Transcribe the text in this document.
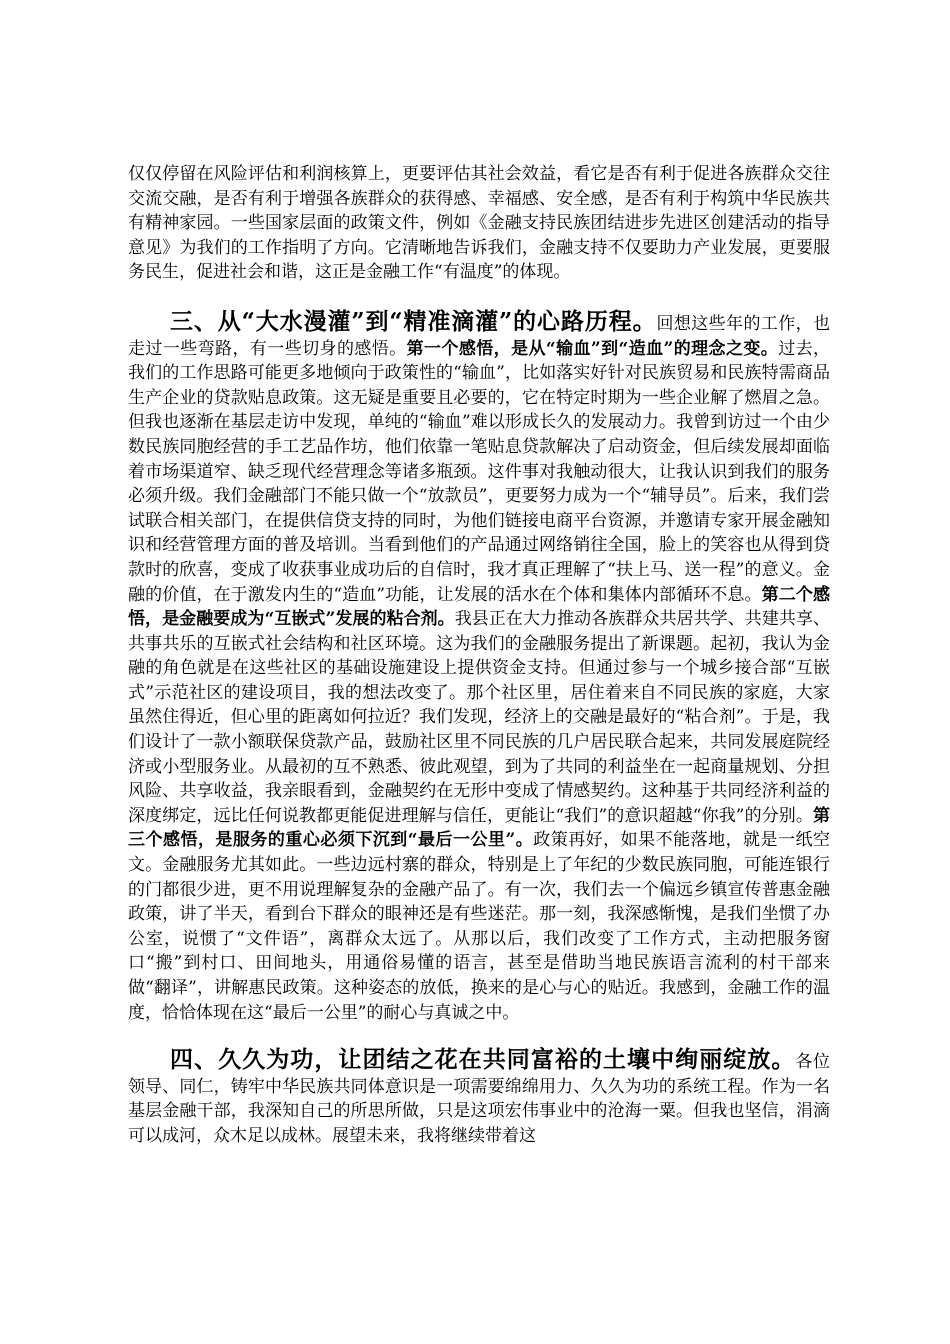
仅仅停留在风险评估和利润核算上，更要评估其社会效益，看它是否有利于促进各族群众交往交流交融，是否有利于增强各族群众的获得感、幸福感、安全感，是否有利于构筑中华民族共有精神家园。一些国家层面的政策文件，例如《金融支持民族团结进步先进区创建活动的指导意见》为我们的工作指明了方向。它清晰地告诉我们，金融支持不仅要助力产业发展，更要服务民生，促进社会和谐，这正是金融工作“有温度”的体现。

三、从“大水漫灌”到“精准滴灌”的心路历程。回想这些年的工作，也走过一些弯路，有一些切身的感悟。第一个感悟，是从“输血”到“造血”的理念之变。过去，我们的工作思路可能更多地倾向于政策性的“输血”，比如落实好针对民族贸易和民族特需商品生产企业的贷款贴息政策。这无疑是重要且必要的，它在特定时期为一些企业解了燃眉之急。但我也逐渐在基层走访中发现，单纯的“输血”难以形成长久的发展动力。我曾到访过一个由少数民族同胞经营的手工艺品作坊，他们依靠一笔贴息贷款解决了启动资金，但后续发展却面临着市场渠道窄、缺乏现代经营理念等诸多瓶颈。这件事对我触动很大，让我认识到我们的服务必须升级。我们金融部门不能只做一个“放款员”，更要努力成为一个“辅导员”。后来，我们尝试联合相关部门，在提供信贷支持的同时，为他们链接电商平台资源，并邀请专家开展金融知识和经营管理方面的普及培训。当看到他们的产品通过网络销往全国，脸上的笑容也从得到贷款时的欣喜，变成了收获事业成功后的自信时，我才真正理解了“扶上马、送一程”的意义。金融的价值，在于激发内生的“造血”功能，让发展的活水在个体和集体内部循环不息。第二个感悟，是金融要成为“互嵌式”发展的粘合剂。我县正在大力推动各族群众共居共学、共建共享、共事共乐的互嵌式社会结构和社区环境。这为我们的金融服务提出了新课题。起初，我认为金融的角色就是在这些社区的基础设施建设上提供资金支持。但通过参与一个城乡接合部“互嵌式”示范社区的建设项目，我的想法改变了。那个社区里，居住着来自不同民族的家庭，大家虽然住得近，但心里的距离如何拉近？我们发现，经济上的交融是最好的“粘合剂”。于是，我们设计了一款小额联保贷款产品，鼓励社区里不同民族的几户居民联合起来，共同发展庭院经济或小型服务业。从最初的互不熟悉、彼此观望，到为了共同的利益坐在一起商量规划、分担风险、共享收益，我亲眼看到，金融契约在无形中变成了情感契约。这种基于共同经济利益的深度绑定，远比任何说教都更能促进理解与信任，更能让“我们”的意识超越“你我”的分别。第三个感悟，是服务的重心必须下沉到“最后一公里”。政策再好，如果不能落地，就是一纸空文。金融服务尤其如此。一些边远村寨的群众，特别是上了年纪的少数民族同胞，可能连银行的门都很少进，更不用说理解复杂的金融产品了。有一次，我们去一个偏远乡镇宣传普惠金融政策，讲了半天，看到台下群众的眼神还是有些迷茫。那一刻，我深感惭愧，是我们坐惯了办公室，说惯了“文件语”，离群众太远了。从那以后，我们改变了工作方式，主动把服务窗口“搬”到村口、田间地头，用通俗易懂的语言，甚至是借助当地民族语言流利的村干部来做“翻译”，讲解惠民政策。这种姿态的放低，换来的是心与心的贴近。我感到，金融工作的温度，恰恰体现在这“最后一公里”的耐心与真诚之中。

四、久久为功，让团结之花在共同富裕的土壤中绚丽绽放。各位领导、同仁，铸牢中华民族共同体意识是一项需要绵绵用力、久久为功的系统工程。作为一名基层金融干部，我深知自己的所思所做，只是这项宏伟事业中的沧海一粟。但我也坚信，涓滴可以成河，众木足以成林。展望未来，我将继续带着这
